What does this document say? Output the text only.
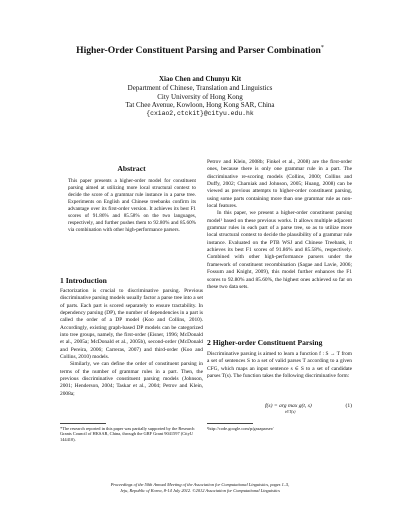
Higher-Order Constituent Parsing and Parser Combination*
Xiao Chen and Chunyu Kit
Department of Chinese, Translation and Linguistics
City University of Hong Kong
Tat Chee Avenue, Kowloon, Hong Kong SAR, China
{cxiao2,ctckit}@cityu.edu.hk
Abstract
This paper presents a higher-order model for constituent parsing aimed at utilizing more local structural context to decide the score of a grammar rule instance in a parse tree. Experiments on English and Chinese treebanks confirm its advantage over its first-order version. It achieves its best F1 scores of 91.86% and 85.58% on the two languages, respectively, and further pushes them to 92.80% and 85.60% via combination with other high-performance parsers.
1 Introduction

Factorization is crucial to discriminative parsing. Previous discriminative parsing models usually factor a parse tree into a set of parts. Each part is scored separately to ensure tractability. In dependency parsing (DP), the number of dependencies in a part is called the order of a DP model (Koo and Collins, 2010). Accordingly, existing graph-based DP models can be categorized into tree groups, namely, the first-order (Eisner, 1996; McDonald et al., 2005a; McDonald et al., 2005b), second-order (McDonald and Pereira, 2006; Carreras, 2007) and third-order (Koo and Collins, 2010) models.

Similarly, we can define the order of constituent parsing in terms of the number of grammar rules in a part. Then, the previous discriminative constituent parsing models (Johnson, 2001; Henderson, 2004; Taskar et al., 2004; Petrov and Klein, 2008a;

*The research reported in this paper was partially supported by the Research Grants Council of HKSAR, China, through the GRF Grant 9041597 (CityU 144410).

Petrov and Klein, 2008b; Finkel et al., 2008) are the first-order ones, because there is only one grammar rule in a part. The discriminative re-scoring models (Collins, 2000; Collins and Duffy, 2002; Charniak and Johnson, 2005; Huang, 2008) can be viewed as previous attempts to higher-order constituent parsing, using some parts containing more than one grammar rule as non-local features.

In this paper, we present a higher-order constituent parsing model¹ based on these previous works. It allows multiple adjacent grammar rules in each part of a parse tree, so as to utilize more local structural context to decide the plausibility of a grammar rule instance. Evaluated on the PTB WSJ and Chinese Treebank, it achieves its best F1 scores of 91.86% and 85.58%, respectively. Combined with other high-performance parsers under the framework of constituent recombination (Sagae and Lavie, 2006; Fossum and Knight, 2009), this model further enhances the F1 scores to 92.80% and 85.60%, the highest ones achieved so far on these two data sets.

2 Higher-order Constituent Parsing

Discriminative parsing is aimed to learn a function f : S → T from a set of sentences S to a set of valid parses T according to a given CFG, which maps an input sentence s ∈ S to a set of candidate parses T(s). The function takes the following discriminative form:

f(s) = arg max g(t, s)
t∈T(s)
(1)
¹http://code.google.com/p/gazaparser/
Proceedings of the 50th Annual Meeting of the Association for Computational Linguistics, pages 1–5,
Jeju, Republic of Korea, 8-14 July 2012. ©2012 Association for Computational Linguistics
